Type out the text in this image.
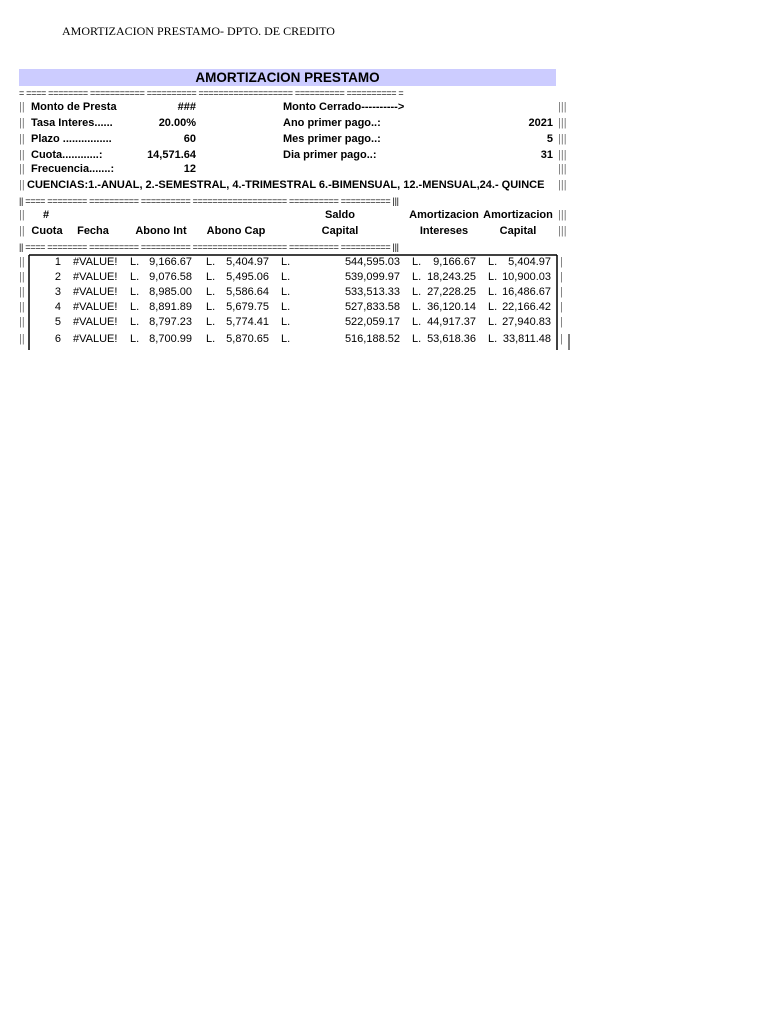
AMORTIZACION PRESTAMO- DPTO. DE CREDITO
AMORTIZACION PRESTAMO
= ==== ======== =========== ========== =================== ========== ========== =
|| Monto de Presta	###	Monto Cerrado---------->	|||
|| Tasa Interes......	20.00%	Ano primer pago..:	2021 |||
|| Plazo ................	60	Mes primer pago..:	5 |||
|| Cuota............:	14,571.64	Dia primer pago..:	31 |||
|| Frecuencia.......:	12	|||
|| CUENCIAS:1.-ANUAL, 2.-SEMESTRAL, 4.-TRIMESTRAL 6.-BIMENSUAL, 12.-MENSUAL,24.- QUINCE	|||
|| ==== ======== ========== ========== =================== ========== ========== |||
||	#	Saldo	Amortizacion Amortizacion |||
|| Cuota	Fecha	Abono Int	Abono Cap	Capital	Intereses	Capital	|||
|| ==== ======== ========== ========== =================== ========== ========== |||
||	1 #VALUE! L. 9,166.67 L. 5,404.97 L.	544,595.03 L.	9,166.67 L. 5,404.97 |
||	2 #VALUE! L. 9,076.58 L. 5,495.06 L.	539,099.97 L. 18,243.25 L. 10,900.03 |
||	3 #VALUE! L. 8,985.00 L. 5,586.64 L.	533,513.33 L. 27,228.25 L. 16,486.67 |
||	4 #VALUE! L. 8,891.89 L. 5,679.75 L.	527,833.58 L. 36,120.14 L. 22,166.42 |
||	5 #VALUE! L. 8,797.23 L. 5,774.41 L.	522,059.17 L. 44,917.37 L. 27,940.83 |
||	6 #VALUE! L. 8,700.99 L. 5,870.65 L.	516,188.52 L. 53,618.36 L. 33,811.48 |
